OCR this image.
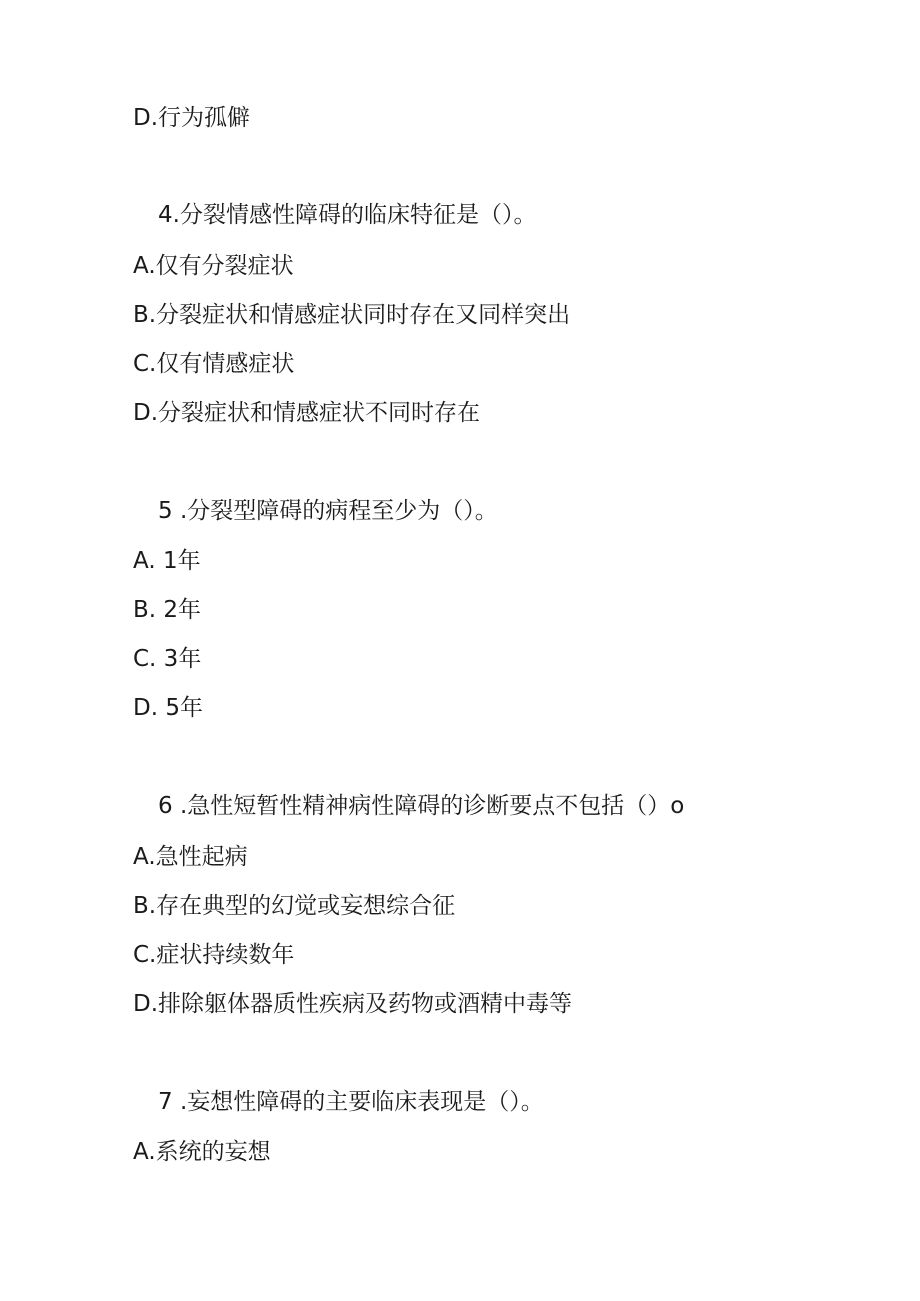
D.行为孤僻
4.分裂情感性障碍的临床特征是（）。
A.仅有分裂症状
B.分裂症状和情感症状同时存在又同样突出
C.仅有情感症状
D.分裂症状和情感症状不同时存在
5 .分裂型障碍的病程至少为（）。
A. 1年
B. 2年
C. 3年
D. 5年
6 .急性短暂性精神病性障碍的诊断要点不包括（）o
A.急性起病
B.存在典型的幻觉或妄想综合征
C.症状持续数年
D.排除躯体器质性疾病及药物或酒精中毒等
7 .妄想性障碍的主要临床表现是（）。
A.系统的妄想
